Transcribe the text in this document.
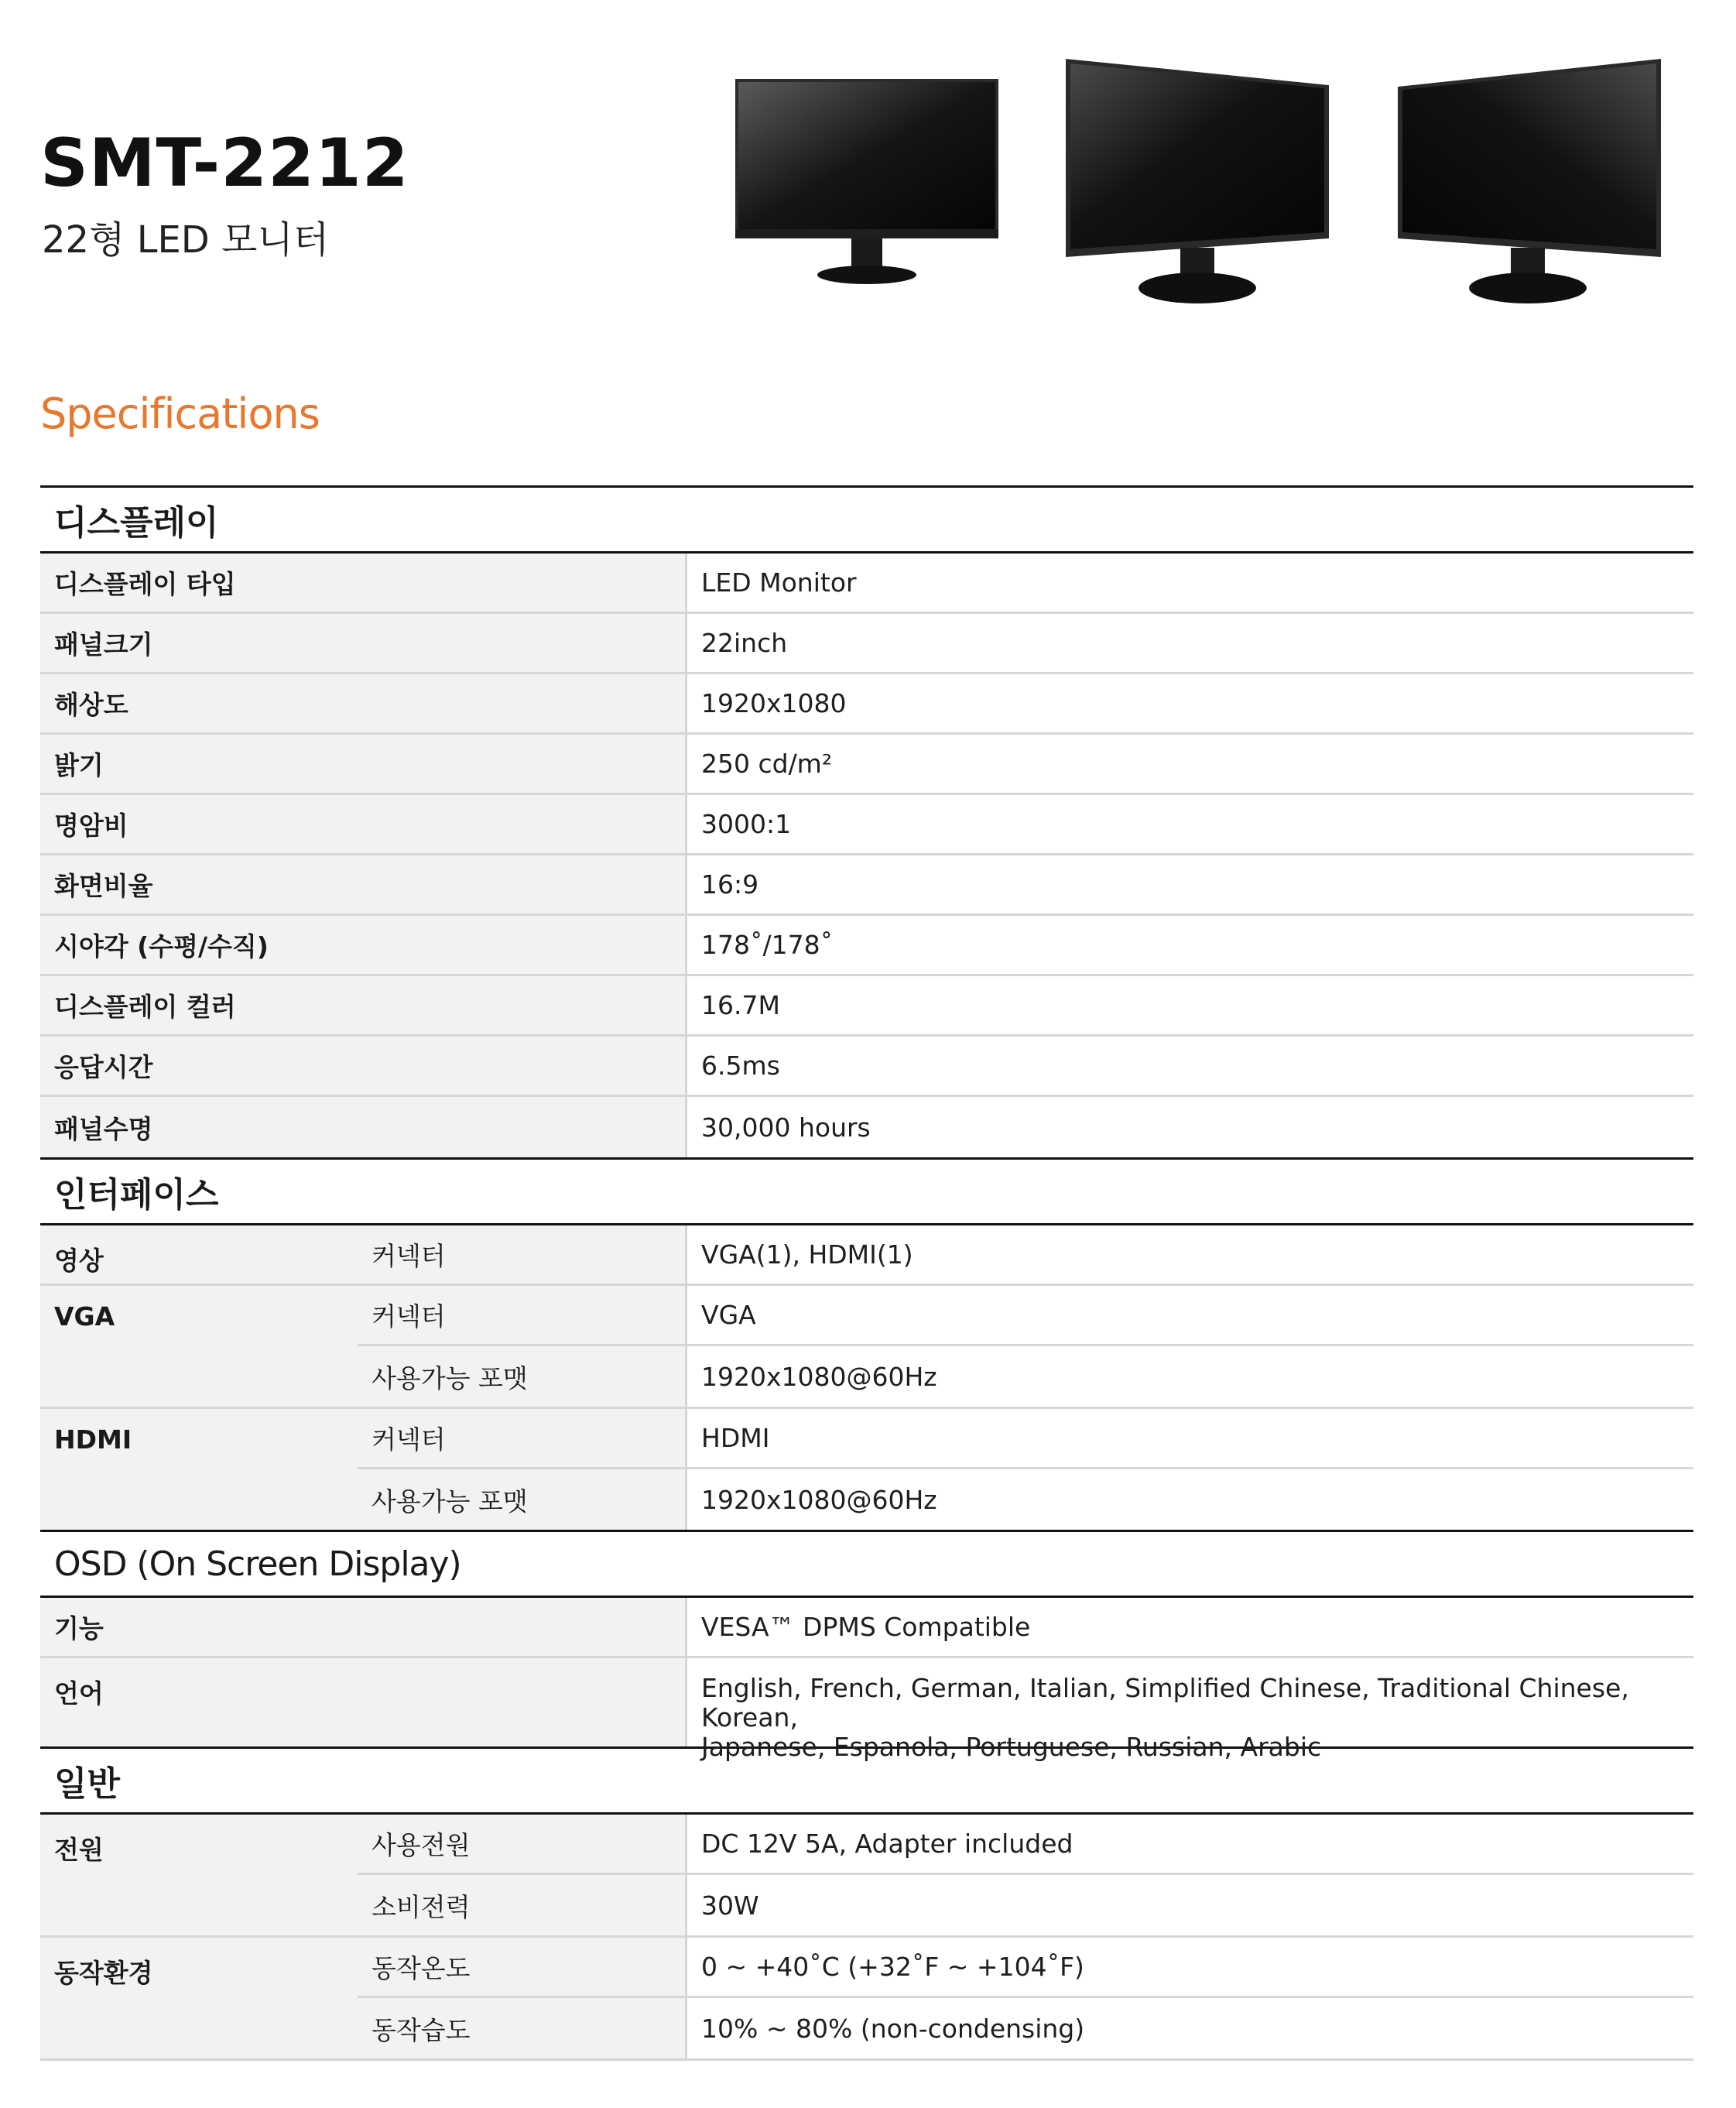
SMT-2212
22형 LED 모니터
Specifications
디스플레이
디스플레이 타입	LED Monitor
패널크기	22inch
해상도	1920x1080
밝기	250 cd/m²
명암비	3000:1
화면비율	16:9
시야각 (수평/수직)	178˚/178˚
디스플레이 컬러	16.7M
응답시간	6.5ms
패널수명	30,000 hours
인터페이스
영상	커넥터	VGA(1), HDMI(1)
VGA	커넥터	VGA
사용가능 포맷	1920x1080@60Hz
HDMI	커넥터	HDMI
사용가능 포맷	1920x1080@60Hz
OSD (On Screen Display)
기능	VESA™ DPMS Compatible
언어	English, French, German, Italian, Simplified Chinese, Traditional Chinese, Korean,
Japanese, Espanola, Portuguese, Russian, Arabic
일반
전원	사용전원	DC 12V 5A, Adapter included
소비전력	30W
동작환경	동작온도	0 ~ +40˚C (+32˚F ~ +104˚F)
동작습도	10% ~ 80% (non-condensing)
